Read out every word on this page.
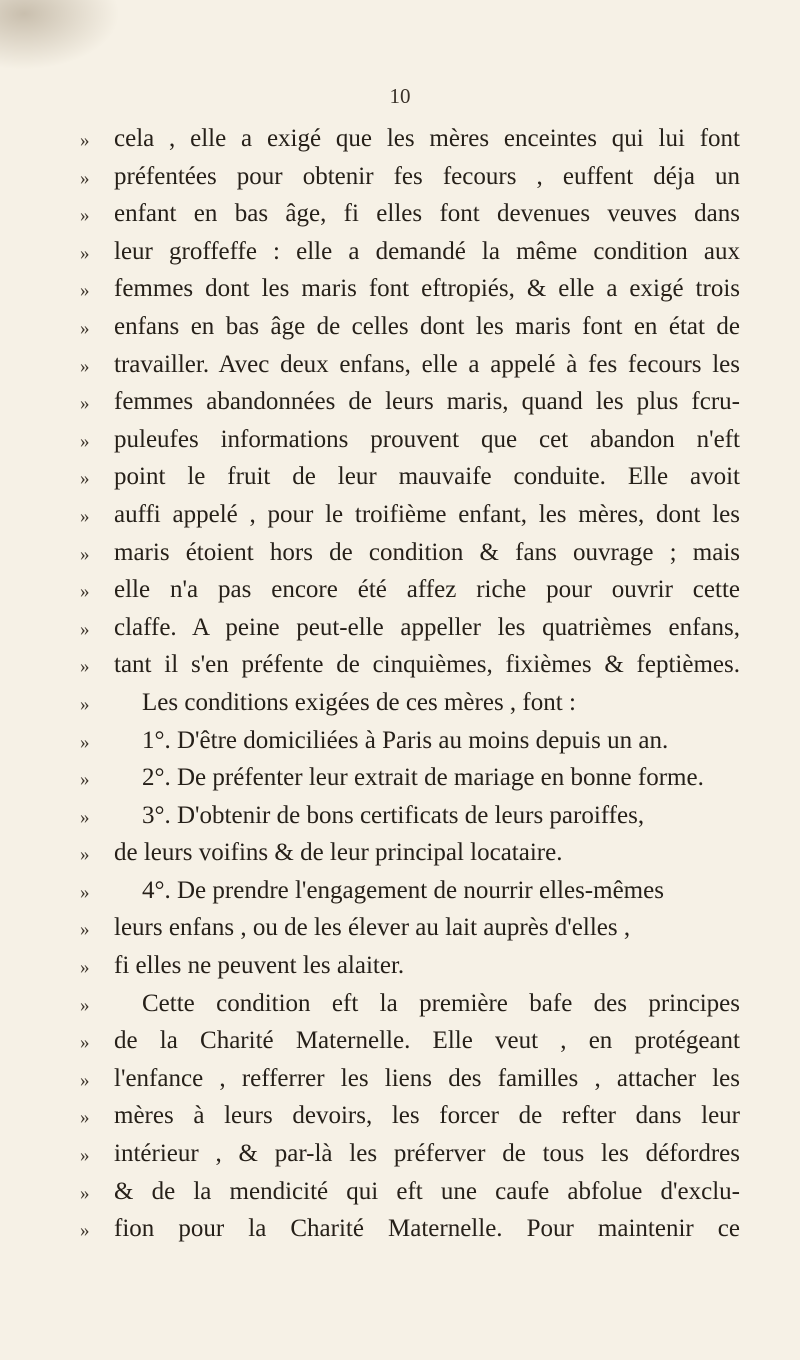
10
» cela , elle a exigé que les mères enceintes qui lui font
» préfentées pour obtenir fes fecours , euffent déja un
» enfant en bas âge, fi elles font devenues veuves dans
» leur groffeffe : elle a demandé la même condition aux
» femmes dont les maris font eftropiés, & elle a exigé trois
» enfans en bas âge de celles dont les maris font en état de
» travailler. Avec deux enfans, elle a appelé à fes fecours les
» femmes abandonnées de leurs maris, quand les plus fcru-
» puleufes informations prouvent que cet abandon n'eft
» point le fruit de leur mauvaife conduite. Elle avoit
» auffi appelé , pour le troifième enfant, les mères, dont les
» maris étoient hors de condition & fans ouvrage ; mais
» elle n'a pas encore été affez riche pour ouvrir cette
» claffe. A peine peut-elle appeller les quatrièmes enfans,
» tant il s'en préfente de cinquièmes, fixièmes & feptièmes.
»	Les conditions exigées de ces mères , font :
»	1°. D'être domiciliées à Paris au moins depuis un an.
»	2°. De préfenter leur extrait de mariage en bonne forme.
»	3°. D'obtenir de bons certificats de leurs paroiffes,
» de leurs voifins & de leur principal locataire.
»	4°. De prendre l'engagement de nourrir elles-mêmes
» leurs enfans , ou de les élever au lait auprès d'elles ,
» fi elles ne peuvent les alaiter.
»	Cette condition eft la première bafe des principes
» de la Charité Maternelle. Elle veut , en protégeant
» l'enfance , refferrer les liens des familles , attacher les
» mères à leurs devoirs, les forcer de refter dans leur
» intérieur , & par-là les préferver de tous les défordres
» & de la mendicité qui eft une caufe abfolue d'exclu-
» fion pour la Charité Maternelle. Pour maintenir ce
